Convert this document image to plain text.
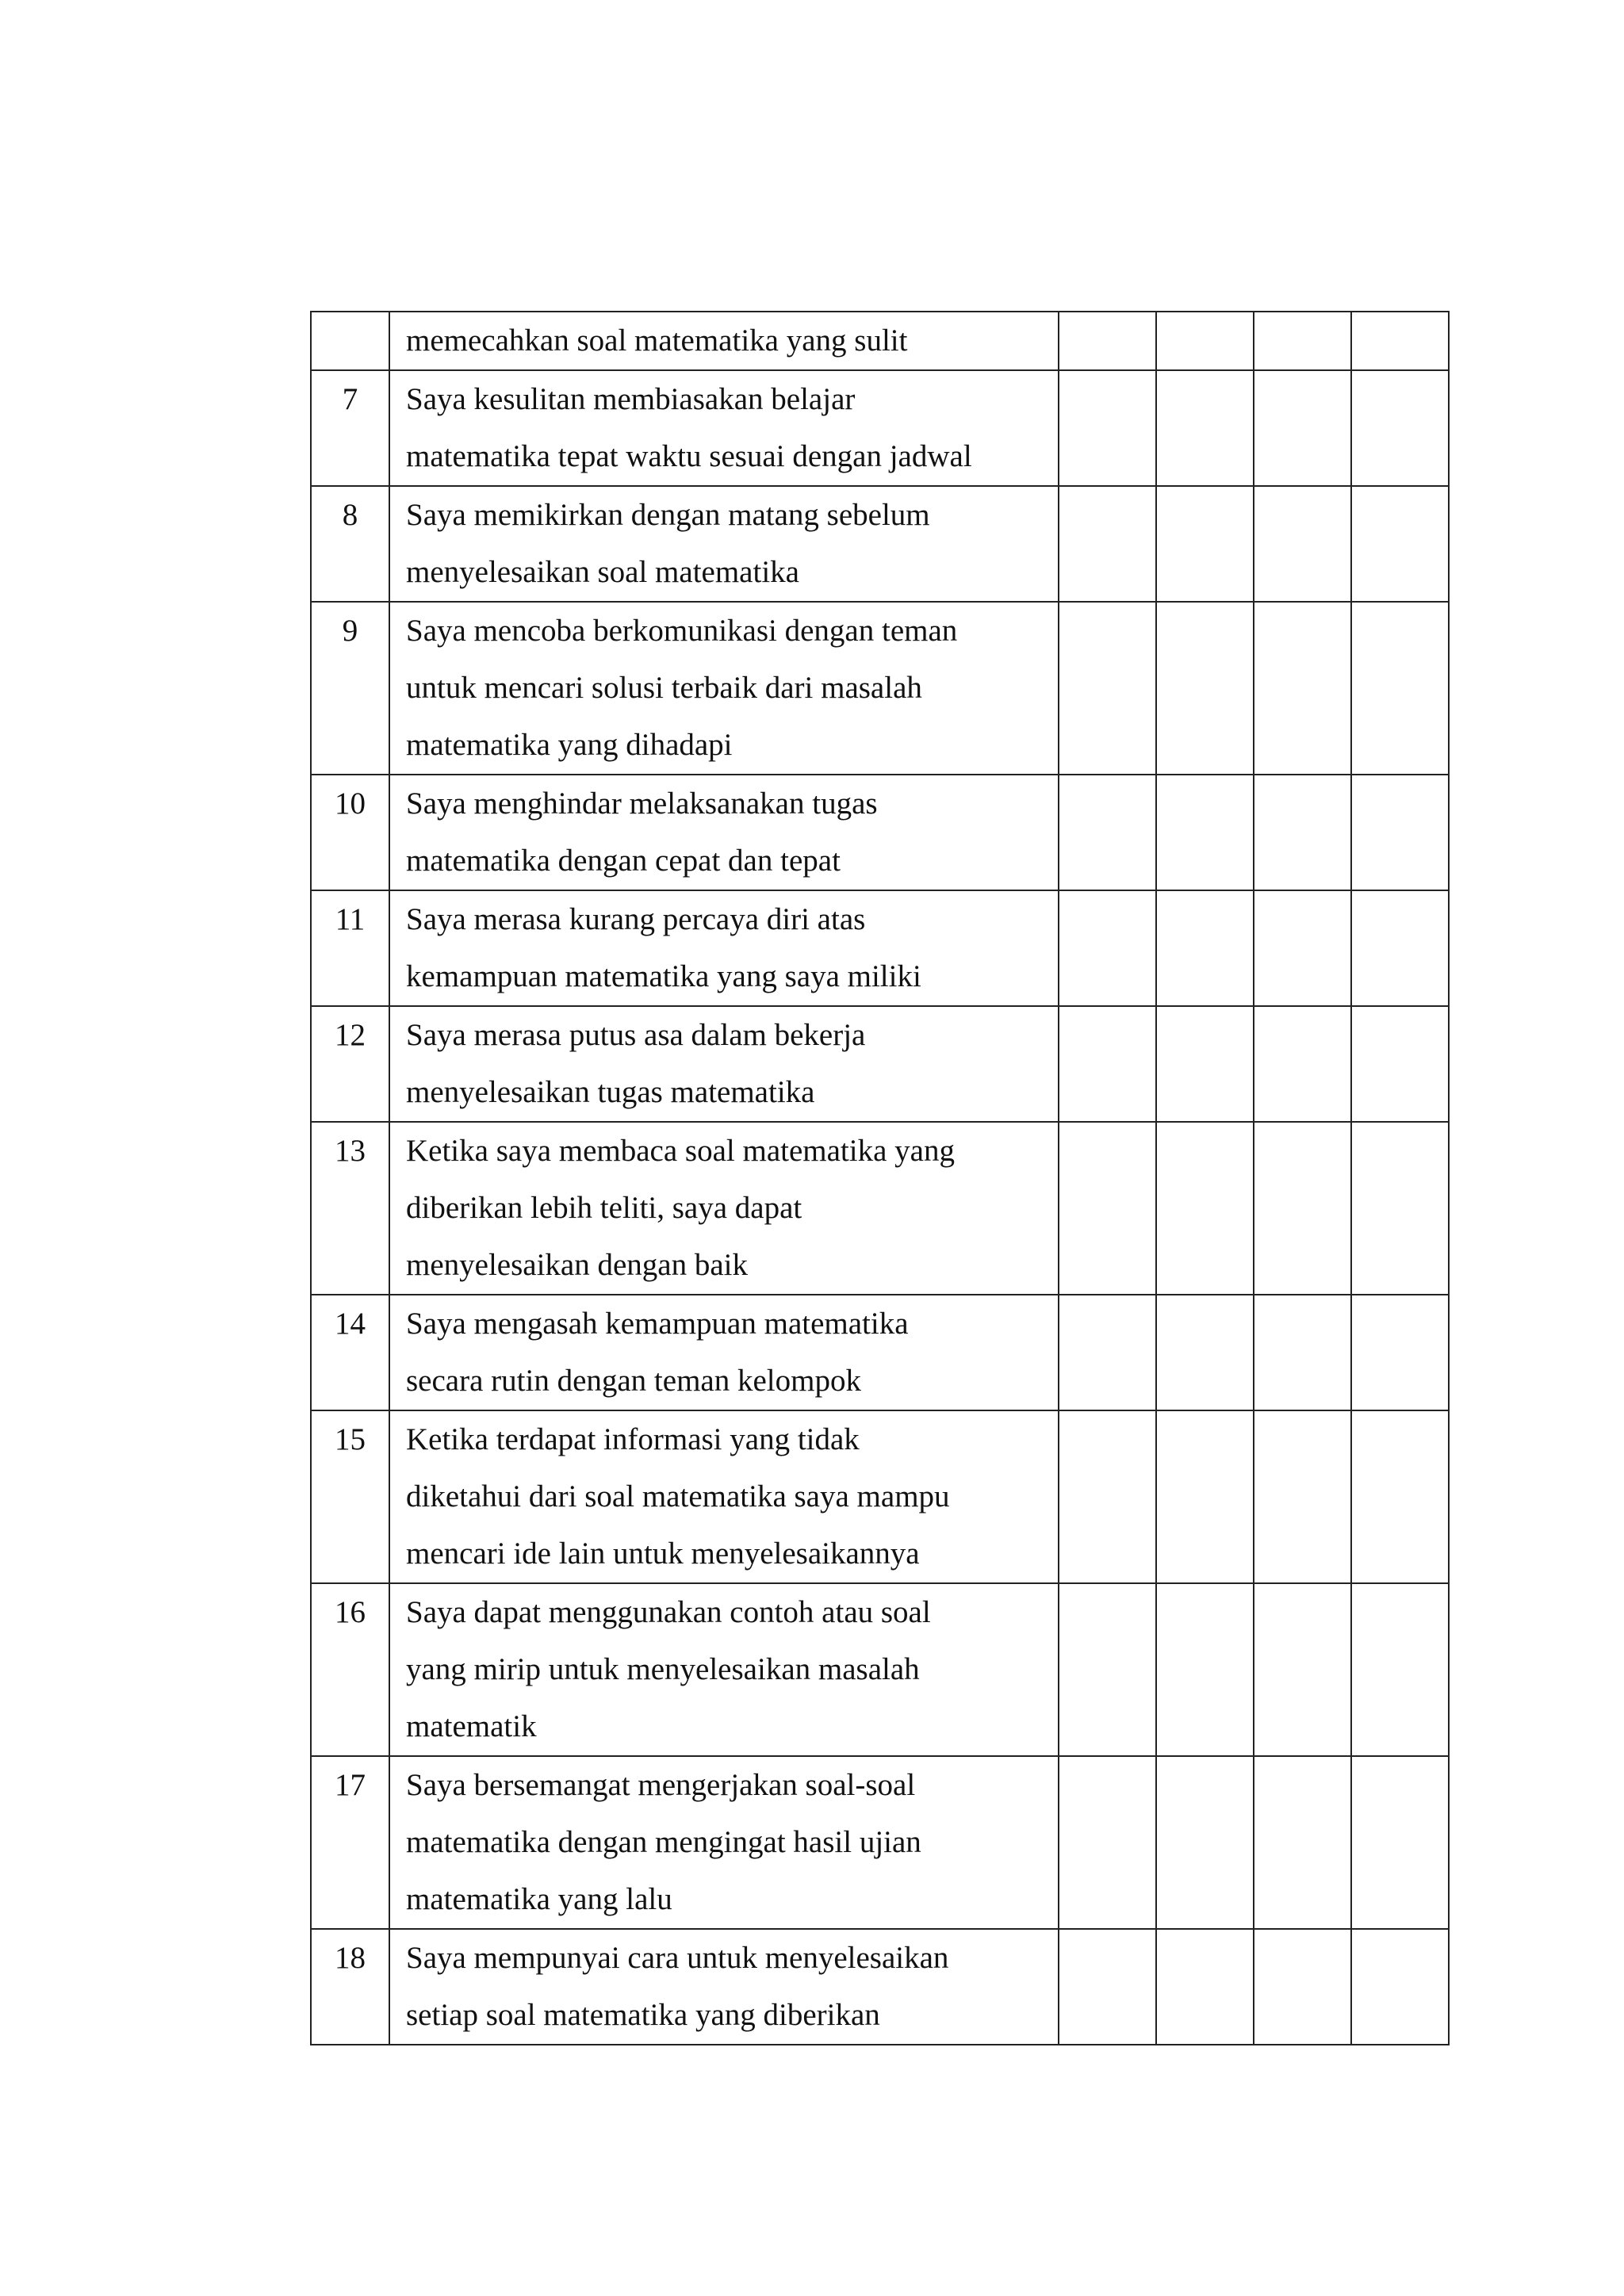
	memecahkan soal matematika yang sulit				

7	Saya kesulitan membiasakan belajar
matematika tepat waktu sesuai dengan jadwal				

8	Saya memikirkan dengan matang sebelum
menyelesaikan soal matematika				

9	Saya mencoba berkomunikasi dengan teman
untuk mencari solusi terbaik dari masalah
matematika yang dihadapi				

10	Saya menghindar melaksanakan tugas
matematika dengan cepat dan tepat				

11	Saya merasa kurang percaya diri atas
kemampuan matematika yang saya miliki				

12	Saya merasa putus asa dalam bekerja
menyelesaikan tugas matematika				

13	Ketika saya membaca soal matematika yang
diberikan lebih teliti, saya dapat
menyelesaikan dengan baik				

14	Saya mengasah kemampuan matematika
secara rutin dengan teman kelompok				

15	Ketika terdapat informasi yang tidak
diketahui dari soal matematika saya mampu
mencari ide lain untuk menyelesaikannya				

16	Saya dapat menggunakan contoh atau soal
yang mirip untuk menyelesaikan masalah
matematik				

17	Saya bersemangat mengerjakan soal-soal
matematika dengan mengingat hasil ujian
matematika yang lalu				

18	Saya mempunyai cara untuk menyelesaikan
setiap soal matematika yang diberikan				
